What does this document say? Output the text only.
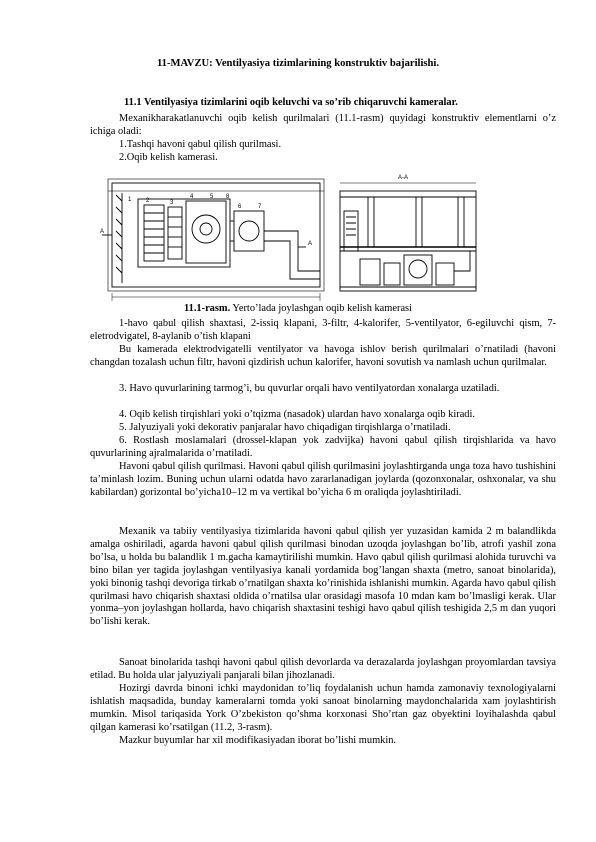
11-MAVZU: Ventilyasiya tizimlarining konstruktiv bajarilishi.
11.1 Ventilyasiya tizimlarini oqib keluvchi va so’rib chiqaruvchi kameralar.

Mexanikharakatlanuvchi oqib kelish qurilmalari (11.1-rasm) quyidagi konstruktiv elementlarni o’z ichiga oladi:

1.Tashqi havoni qabul qilish qurilmasi.
2.Oqib kelish kamerasi.
A
A
A-A
1 2	3
4	5
6	7
8
11.1-rasm. Yerto’lada joylashgan oqib kelish kamerasi

1-havo qabul qilish shaxtasi, 2-issiq klapani, 3-filtr, 4-kalorifer, 5-ventilyator, 6-egiluvchi qism, 7-eletrodvigatel, 8-aylanib o’tish klapani

Bu kamerada elektrodvigatelli ventilyator va havoga ishlov berish qurilmalari o’rnatiladi (havoni changdan tozalash uchun filtr, havoni qizdirish uchun kalorifer, havoni sovutish va namlash uchun qurilmalar.

3. Havo quvurlarining tarmog’i, bu quvurlar orqali havo ventilyatordan xonalarga uzatiladi.

4. Oqib kelish tirqishlari yoki o’tqizma (nasadok) ulardan havo xonalarga oqib kiradi.

5. Jalyuziyali yoki dekorativ panjaralar havo chiqadigan tirqishlarga o’rnatiladi.

6. Rostlash moslamalari (drossel-klapan yok zadvijka) havoni qabul qilish tirqishlarida va havo quvurlarining ajralmalarida o’rnatiladi.

Havoni qabul qilish qurilmasi. Havoni qabul qilish qurilmasini joylashtirganda unga toza havo tushishini ta’minlash lozim. Buning uchun ularni odatda havo zararlanadigan joylarda (qozonxonalar, oshxonalar, va shu kabilardan) gorizontal bo’yicha10–12 m va vertikal bo’yicha 6 m oraliqda joylashtiriladi.

Mexanik va tabiiy ventilyasiya tizimlarida havoni qabul qilish yer yuzasidan kamida 2 m balandlikda amalga oshiriladi, agarda havoni qabul qilish qurilmasi binodan uzoqda joylashgan bo’lib, atrofi yashil zona bo’lsa, u holda bu balandlik 1 m.gacha kamaytirilishi mumkin. Havo qabul qilish qurilmasi alohida turuvchi va bino bilan yer tagida joylashgan ventilyasiya kanali yordamida bog’langan shaxta (metro, sanoat binolarida), yoki binonig tashqi devoriga tirkab o’rnatilgan shaxta ko’rinishida ishlanishi mumkin. Agarda havo qabul qilish qurilmasi havo chiqarish shaxtasi oldida o’rnatilsa ular orasidagi masofa 10 mdan kam bo’lmasligi kerak. Ular yonma–yon joylashgan hollarda, havo chiqarish shaxtasini teshigi havo qabul qilish teshigida 2,5 m dan yuqori bo’lishi kerak.

Sanoat binolarida tashqi havoni qabul qilish devorlarda va derazalarda joylashgan proyomlardan tavsiya etilad. Bu holda ular jalyuziyali panjarali bilan jihozlanadi.

Hozirgi davrda binoni ichki maydonidan to’liq foydalanish uchun hamda zamonaviy texnologiyalarni ishlatish maqsadida, bunday kameralarni tomda yoki sanoat binolarning maydonchalarida xam joylashtirish mumkin. Misol tariqasida York O’zbekiston qo’shma korxonasi Sho’rtan gaz obyektini loyihalashda qabul qilgan kamerasi ko’rsatilgan (11.2, 3-rasm).

Mazkur buyumlar har xil modifikasiyadan iborat bo’lishi mumkin.
